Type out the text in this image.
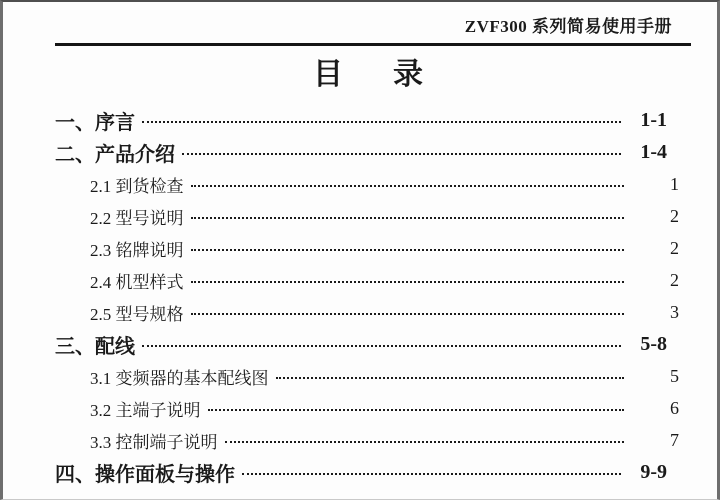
ZVF300 系列简易使用手册
目　录
一、序言	1-1
二、产品介绍	1-4
2.1 到货检查	1
2.2 型号说明	2
2.3 铭牌说明	2
2.4 机型样式	2
2.5 型号规格	3
三、配线	5-8
3.1 变频器的基本配线图	5
3.2 主端子说明	6
3.3 控制端子说明	7
四、操作面板与操作	9-9
